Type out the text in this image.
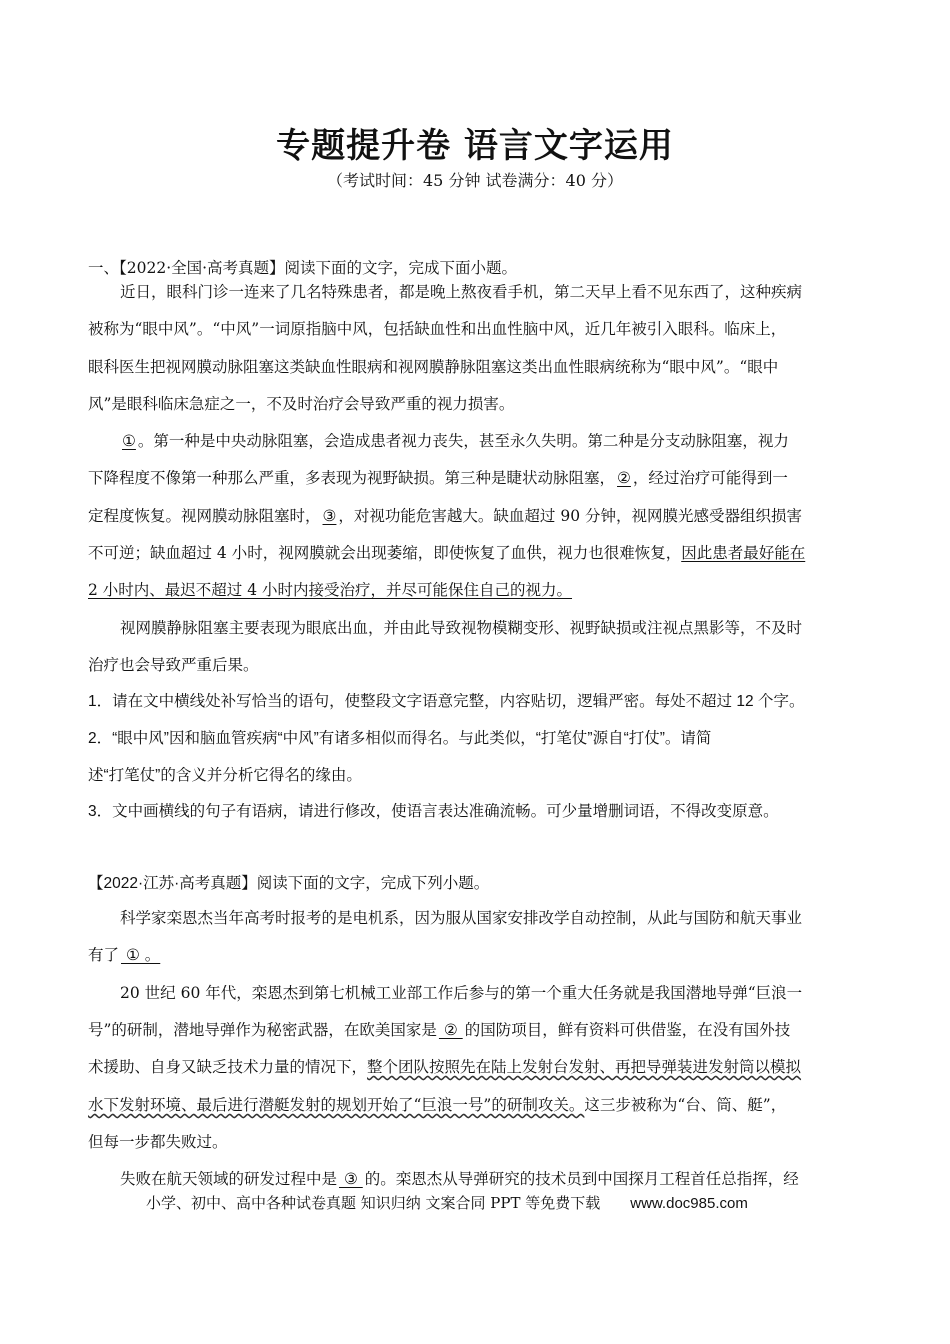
专题提升卷 语言文字运用
（考试时间：45 分钟 试卷满分：40 分）
一、【2022·全国·高考真题】阅读下面的文字，完成下面小题。
近日，眼科门诊一连来了几名特殊患者，都是晚上熬夜看手机，第二天早上看不见东西了，这种疾病
被称为“眼中风”。“中风”一词原指脑中风，包括缺血性和出血性脑中风，近几年被引入眼科。临床上，
眼科医生把视网膜动脉阻塞这类缺血性眼病和视网膜静脉阻塞这类出血性眼病统称为“眼中风”。“眼中
风”是眼科临床急症之一，不及时治疗会导致严重的视力损害。
① 。第一种是中央动脉阻塞，会造成患者视力丧失，甚至永久失明。第二种是分支动脉阻塞，视力
下降程度不像第一种那么严重，多表现为视野缺损。第三种是睫状动脉阻塞， ② ，经过治疗可能得到一
定程度恢复。视网膜动脉阻塞时， ③ ，对视功能危害越大。缺血超过 90 分钟，视网膜光感受器组织损害
不可逆；缺血超过 4 小时，视网膜就会出现萎缩，即使恢复了血供，视力也很难恢复，因此患者最好能在
2 小时内、最迟不超过 4 小时内接受治疗，并尽可能保住自己的视力。
视网膜静脉阻塞主要表现为眼底出血，并由此导致视物模糊变形、视野缺损或注视点黑影等，不及时
治疗也会导致严重后果。
1．请在文中横线处补写恰当的语句，使整段文字语意完整，内容贴切，逻辑严密。每处不超过 12 个字。
2．“眼中风”因和脑血管疾病“中风”有诸多相似而得名。与此类似，“打笔仗”源自“打仗”。请简
述“打笔仗”的含义并分析它得名的缘由。
3．文中画横线的句子有语病，请进行修改，使语言表达准确流畅。可少量增删词语，不得改变原意。
【2022·江苏·高考真题】阅读下面的文字，完成下列小题。
科学家栾恩杰当年高考时报考的是电机系，因为服从国家安排改学自动控制，从此与国防和航天事业
有了 ① 。
20 世纪 60 年代，栾恩杰到第七机械工业部工作后参与的第一个重大任务就是我国潜地导弹“巨浪一
号”的研制，潜地导弹作为秘密武器，在欧美国家是 ② 的国防项目，鲜有资料可供借鉴，在没有国外技
术援助、自身又缺乏技术力量的情况下，整个团队按照先在陆上发射台发射、再把导弹装进发射筒以模拟
水下发射环境、最后进行潜艇发射的规划开始了“巨浪一号”的研制攻关。这三步被称为“台、筒、艇”，
但每一步都失败过。
失败在航天领域的研发过程中是 ③ 的。栾恩杰从导弹研究的技术员到中国探月工程首任总指挥，经
小学、初中、高中各种试卷真题 知识归纳 文案合同 PPT 等免费下载 www.doc985.com
